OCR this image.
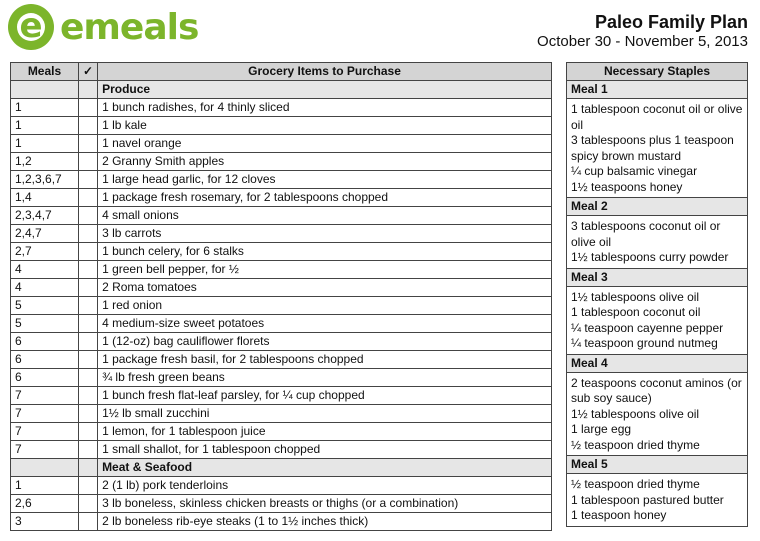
e emeals	Paleo Family Plan
October 30 - November 5, 2013
Meals	✓	Grocery Items to Purchase
		Produce
1		1 bunch radishes, for 4 thinly sliced
1		1 lb kale
1		1 navel orange
1,2		2 Granny Smith apples
1,2,3,6,7		1 large head garlic, for 12 cloves
1,4		1 package fresh rosemary, for 2 tablespoons chopped
2,3,4,7		4 small onions
2,4,7		3 lb carrots
2,7		1 bunch celery, for 6 stalks
4		1 green bell pepper, for ½
4		2 Roma tomatoes
5		1 red onion
5		4 medium-size sweet potatoes
6		1 (12-oz) bag cauliflower florets
6		1 package fresh basil, for 2 tablespoons chopped
6		¾ lb fresh green beans
7		1 bunch fresh flat-leaf parsley, for ¼ cup chopped
7		1½ lb small zucchini
7		1 lemon, for 1 tablespoon juice
7		1 small shallot, for 1 tablespoon chopped
		Meat & Seafood
1		2 (1 lb) pork tenderloins
2,6		3 lb boneless, skinless chicken breasts or thighs (or a combination)
3		2 lb boneless rib-eye steaks (1 to 1½ inches thick)
Necessary Staples
Meal 1

1 tablespoon coconut oil or olive oil
3 tablespoons plus 1 teaspoon spicy brown mustard
¼ cup balsamic vinegar
1½ teaspoons honey

Meal 2

3 tablespoons coconut oil or olive oil
1½ tablespoons curry powder

Meal 3

1½ tablespoons olive oil
1 tablespoon coconut oil
¼ teaspoon cayenne pepper
¼ teaspoon ground nutmeg

Meal 4

2 teaspoons coconut aminos (or sub soy sauce)
1½ tablespoons olive oil
1 large egg
½ teaspoon dried thyme

Meal 5

½ teaspoon dried thyme
1 tablespoon pastured butter
1 teaspoon honey
